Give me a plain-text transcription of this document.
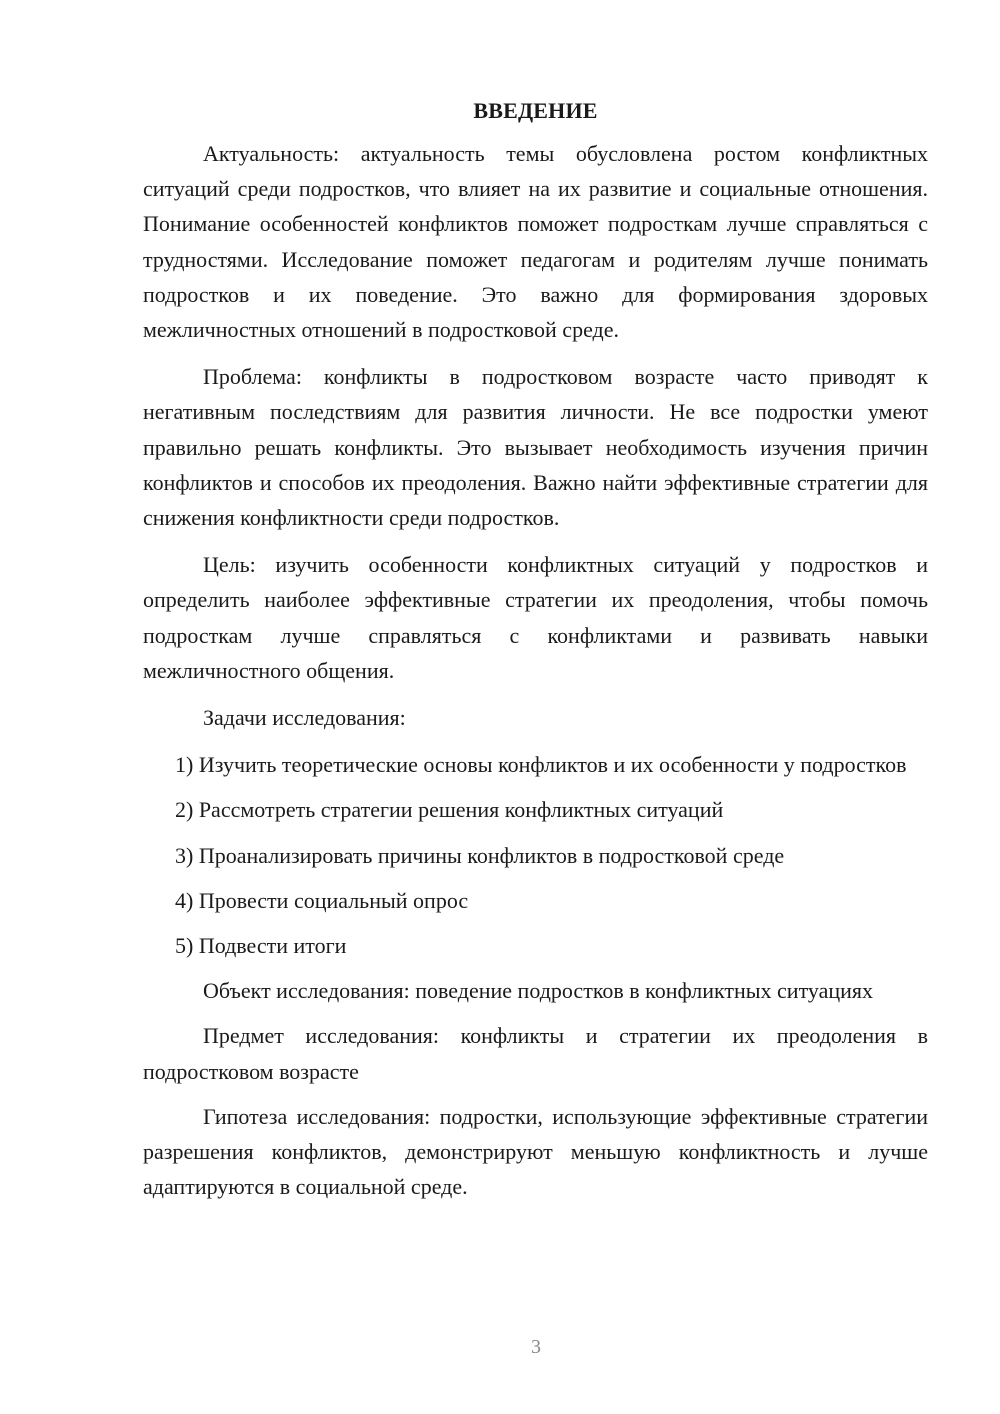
ВВЕДЕНИЕ

Актуальность: актуальность темы обусловлена ростом конфликтных ситуаций среди подростков, что влияет на их развитие и социальные отношения. Понимание особенностей конфликтов поможет подросткам лучше справляться с трудностями. Исследование поможет педагогам и родителям лучше понимать подростков и их поведение. Это важно для формирования здоровых межличностных отношений в подростковой среде.

Проблема: конфликты в подростковом возрасте часто приводят к негативным последствиям для развития личности. Не все подростки умеют правильно решать конфликты. Это вызывает необходимость изучения причин конфликтов и способов их преодоления. Важно найти эффективные стратегии для снижения конфликтности среди подростков.

Цель: изучить особенности конфликтных ситуаций у подростков и определить наиболее эффективные стратегии их преодоления, чтобы помочь подросткам лучше справляться с конфликтами и развивать навыки межличностного общения.

Задачи исследования:

1) Изучить теоретические основы конфликтов и их особенности у подростков

2) Рассмотреть стратегии решения конфликтных ситуаций

3) Проанализировать причины конфликтов в подростковой среде

4) Провести социальный опрос

5) Подвести итоги

Объект исследования: поведение подростков в конфликтных ситуациях

Предмет исследования: конфликты и стратегии их преодоления в подростковом возрасте

Гипотеза исследования: подростки, использующие эффективные стратегии разрешения конфликтов, демонстрируют меньшую конфликтность и лучше адаптируются в социальной среде.

3
